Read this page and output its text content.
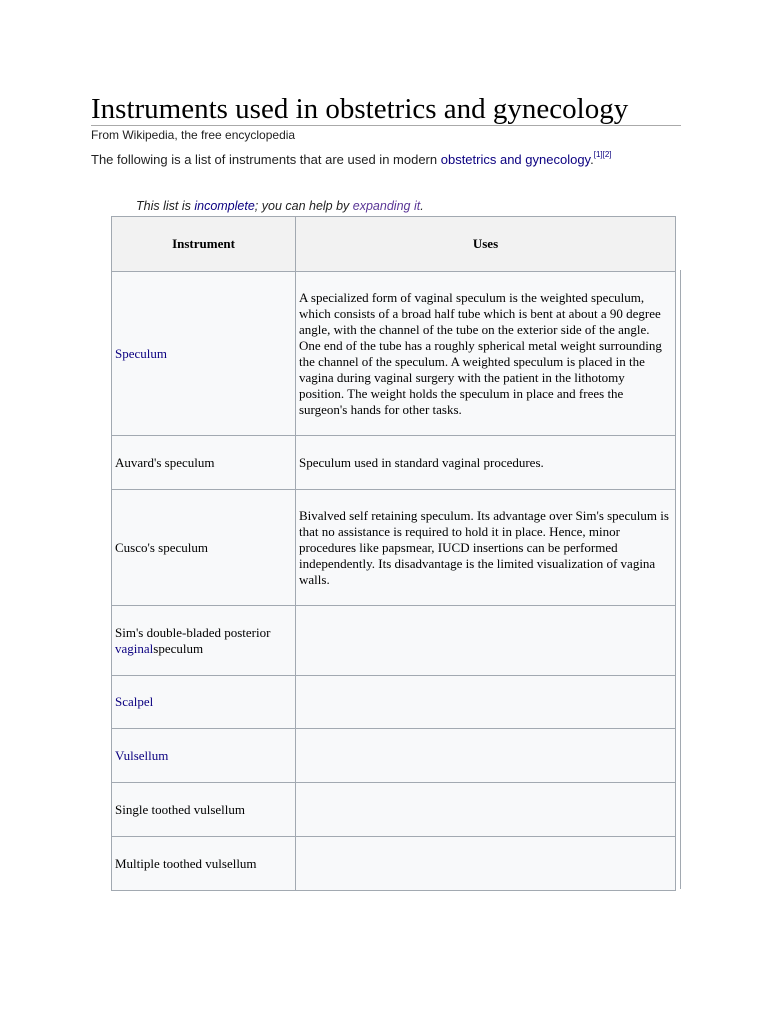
Instruments used in obstetrics and gynecology
From Wikipedia, the free encyclopedia
The following is a list of instruments that are used in modern obstetrics and gynecology.[1][2]
This list is incomplete; you can help by expanding it.
Instrument	Uses
Speculum	A specialized form of vaginal speculum is the weighted speculum, which consists of a broad half tube which is bent at about a 90 degree angle, with the channel of the tube on the exterior side of the angle. One end of the tube has a roughly spherical metal weight surrounding the channel of the speculum. A weighted speculum is placed in the vagina during vaginal surgery with the patient in the lithotomy position. The weight holds the speculum in place and frees the surgeon's hands for other tasks.
Auvard's speculum	Speculum used in standard vaginal procedures.
Cusco's speculum	Bivalved self retaining speculum. Its advantage over Sim's speculum is that no assistance is required to hold it in place. Hence, minor procedures like papsmear, IUCD insertions can be performed independently. Its disadvantage is the limited visualization of vagina walls.
Sim's double-bladed posterior vaginalspeculum	
Scalpel	
Vulsellum	
Single toothed vulsellum	
Multiple toothed vulsellum	
